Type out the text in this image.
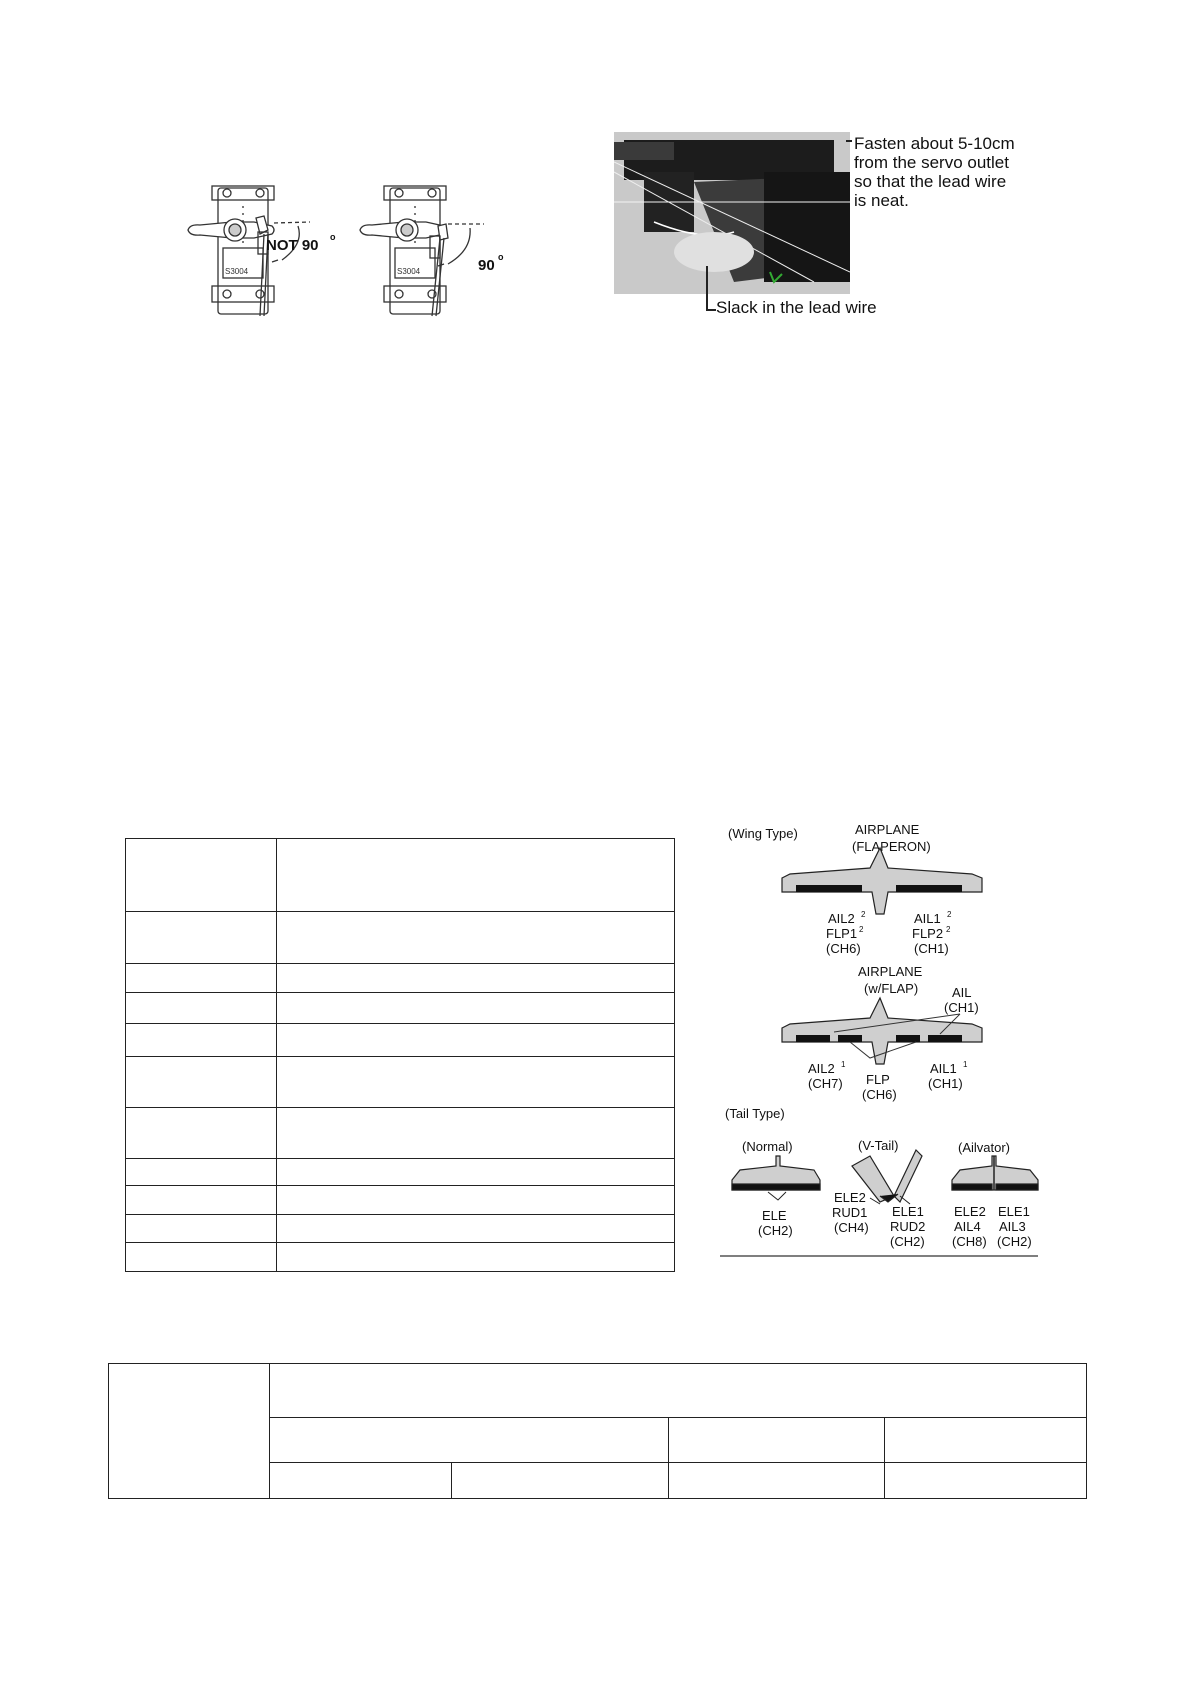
S3004
NOT 90 o
S3004	90 o
Fasten about 5-10cm
from the servo outlet
so that the lead wire
is neat.
Slack in the lead wire

(Wing Type)	AIRPLANE
(FLAPERON)
AIL2 2
FLP1 2
(CH6)
AIL1 2
FLP2 2
(CH1)
AIRPLANE
(w/FLAP)	AIL
(CH1)
AIL2 1
(CH7)
AIL1 1
(CH1)
FLP
(CH6)
(Tail Type)
(Normal)	(V-Tail)	(Ailvator)
ELE
(CH2)
ELE2
RUD1
(CH4)
ELE1
RUD2
(CH2)
ELE2
AIL4
(CH8)
ELE1
AIL3
(CH2)
